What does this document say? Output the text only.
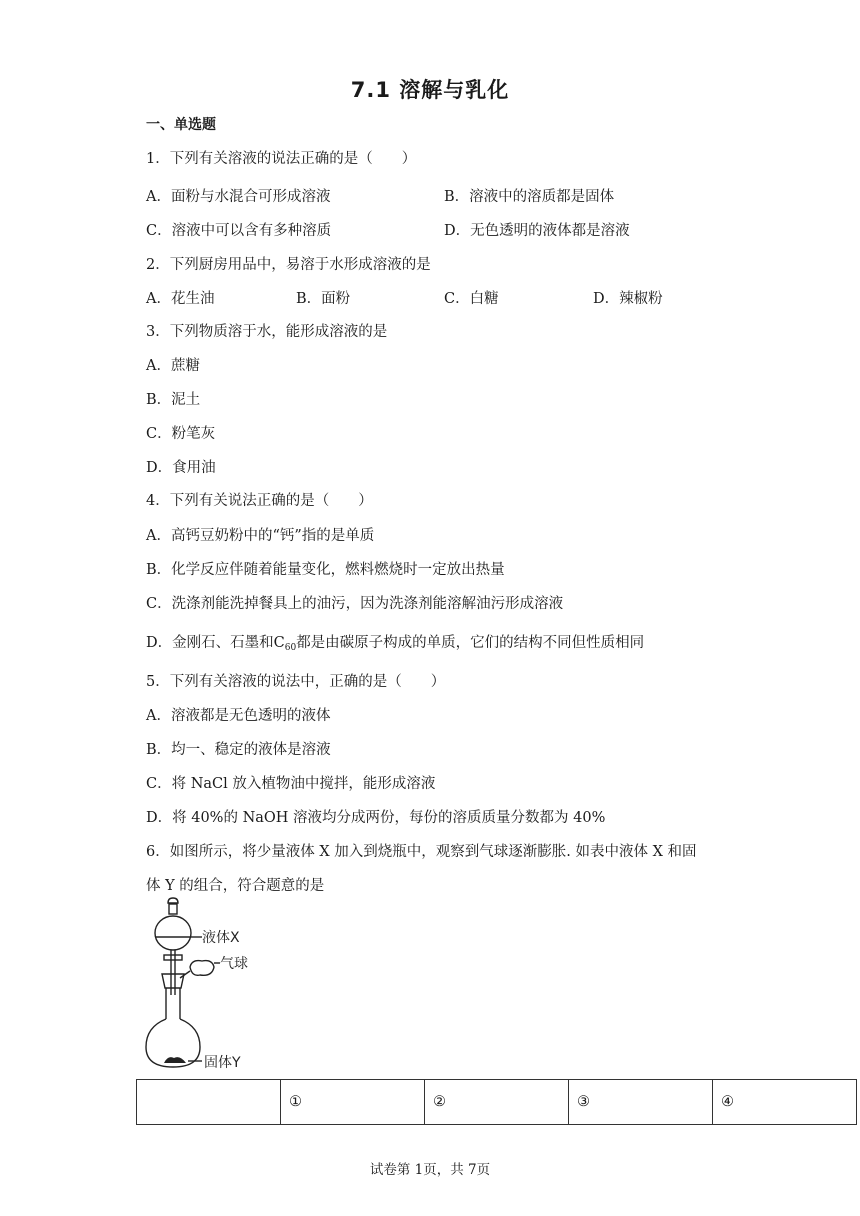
7.1 溶解与乳化
一、单选题
1．下列有关溶液的说法正确的是（　　）
A．面粉与水混合可形成溶液	B．溶液中的溶质都是固体
C．溶液中可以含有多种溶质	D．无色透明的液体都是溶液
2．下列厨房用品中，易溶于水形成溶液的是
A．花生油	B．面粉	C．白糖	D．辣椒粉
3．下列物质溶于水，能形成溶液的是
A．蔗糖
B．泥土
C．粉笔灰
D．食用油
4．下列有关说法正确的是（　　）
A．高钙豆奶粉中的“钙”指的是单质
B．化学反应伴随着能量变化，燃料燃烧时一定放出热量
C．洗涤剂能洗掉餐具上的油污，因为洗涤剂能溶解油污形成溶液
D．金刚石、石墨和$C_{60}$都是由碳原子构成的单质，它们的结构不同但性质相同
5．下列有关溶液的说法中，正确的是（　　）
A．溶液都是无色透明的液体
B．均一、稳定的液体是溶液
C．将 NaCl 放入植物油中搅拌，能形成溶液
D．将 40%的 NaOH 溶液均分成两份，每份的溶质质量分数都为 40%
6．如图所示，将少量液体 X 加入到烧瓶中，观察到气球逐渐膨胀. 如表中液体 X 和固
体 Y 的组合，符合题意的是
液体X
气球
固体Y
	①	②	③	④
试卷第 1页，共 7页
